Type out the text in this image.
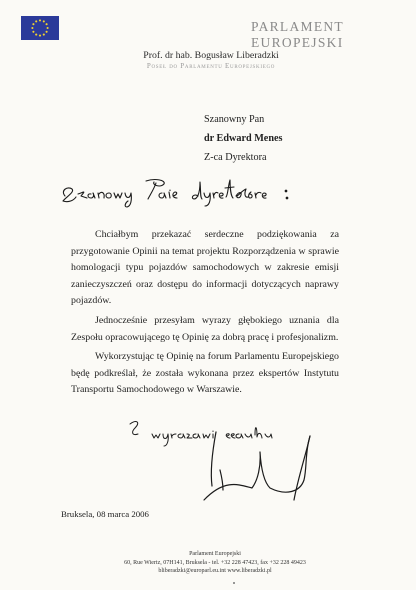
PARLAMENT EUROPEJSKI
Prof. dr hab. Bogusław Liberadzki
Poseł do Parlamentu Europejskiego
Szanowny Pan
dr Edward Menes
Z-ca Dyrektora

Chciałbym przekazać serdeczne podziękowania za przygotowanie Opinii na temat projektu Rozporządzenia w sprawie homologacji typu pojazdów samochodowych w zakresie emisji zanieczyszczeń oraz dostępu do informacji dotyczących naprawy pojazdów.

Jednocześnie przesyłam wyrazy głębokiego uznania dla Zespołu opracowującego tę Opinię za dobrą pracę i profesjonalizm.

Wykorzystując tę Opinię na forum Parlamentu Europejskiego będę podkreślał, że została wykonana przez ekspertów Instytutu Transportu Samochodowego w Warszawie.

Bruksela, 08 marca 2006
Parlament Europejski
60, Rue Wiertz, 07H141, Bruksela - tel. +32 228 47423, fax +32 228 49423
bliberadzki@europarl.eu.int www.liberadzki.pl
